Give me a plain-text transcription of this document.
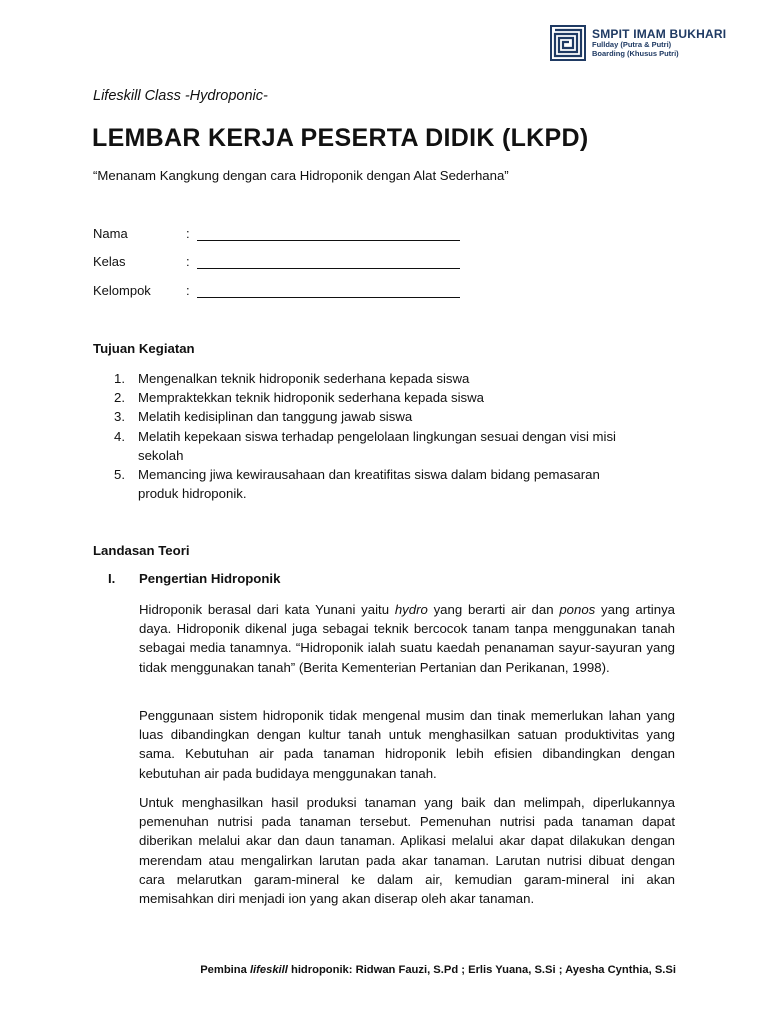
SMPIT IMAM BUKHARI
Fullday (Putra & Putri)
Boarding (Khusus Putri)
Lifeskill Class -Hydroponic-
LEMBAR KERJA PESERTA DIDIK (LKPD)
“Menanam Kangkung dengan cara Hidroponik dengan Alat Sederhana”
Nama	:
Kelas	:
Kelompok	:
Tujuan Kegiatan
1. Mengenalkan teknik hidroponik sederhana kepada siswa
2. Mempraktekkan teknik hidroponik sederhana kepada siswa
3. Melatih kedisiplinan dan tanggung jawab siswa
4. Melatih kepekaan siswa terhadap pengelolaan lingkungan sesuai dengan visi misi sekolah
5. Memancing jiwa kewirausahaan dan kreatifitas siswa dalam bidang pemasaran produk hidroponik.
Landasan Teori
I. Pengertian Hidroponik

Hidroponik berasal dari kata Yunani yaitu hydro yang berarti air dan ponos yang artinya daya. Hidroponik dikenal juga sebagai teknik bercocok tanam tanpa menggunakan tanah sebagai media tanamnya. “Hidroponik ialah suatu kaedah penanaman sayur-sayuran yang tidak menggunakan tanah” (Berita Kementerian Pertanian dan Perikanan, 1998).

Penggunaan sistem hidroponik tidak mengenal musim dan tinak memerlukan lahan yang luas dibandingkan dengan kultur tanah untuk menghasilkan satuan produktivitas yang sama. Kebutuhan air pada tanaman hidroponik lebih efisien dibandingkan dengan kebutuhan air pada budidaya menggunakan tanah.

Untuk menghasilkan hasil produksi tanaman yang baik dan melimpah, diperlukannya pemenuhan nutrisi pada tanaman tersebut. Pemenuhan nutrisi pada tanaman dapat diberikan melalui akar dan daun tanaman. Aplikasi melalui akar dapat dilakukan dengan merendam atau mengalirkan larutan pada akar tanaman. Larutan nutrisi dibuat dengan cara melarutkan garam-mineral ke dalam air, kemudian garam-mineral ini akan memisahkan diri menjadi ion yang akan diserap oleh akar tanaman.

Pembina lifeskill hidroponik: Ridwan Fauzi, S.Pd ; Erlis Yuana, S.Si ; Ayesha Cynthia, S.Si
